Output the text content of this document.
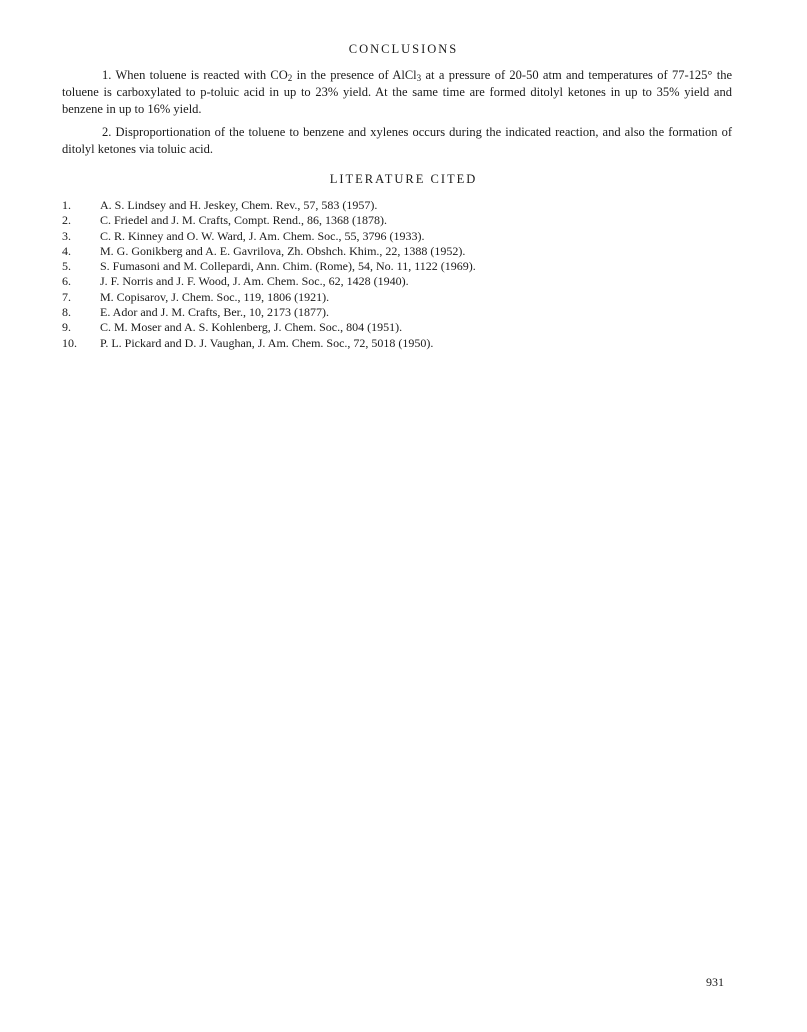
CONCLUSIONS
1. When toluene is reacted with $CO_2$ in the presence of AlCl$_3$ at a pressure of 20-50 atm and temperatures of 77-125° the toluene is carboxylated to p-toluic acid in up to 23% yield. At the same time are formed ditolyl ketones in up to 35% yield and benzene in up to 16% yield.
2. Disproportionation of the toluene to benzene and xylenes occurs during the indicated reaction, and also the formation of ditolyl ketones via toluic acid.
LITERATURE CITED
1. A. S. Lindsey and H. Jeskey, Chem. Rev., 57, 583 (1957).
2. C. Friedel and J. M. Crafts, Compt. Rend., 86, 1368 (1878).
3. C. R. Kinney and O. W. Ward, J. Am. Chem. Soc., 55, 3796 (1933).
4. M. G. Gonikberg and A. E. Gavrilova, Zh. Obshch. Khim., 22, 1388 (1952).
5. S. Fumasoni and M. Collepardi, Ann. Chim. (Rome), 54, No. 11, 1122 (1969).
6. J. F. Norris and J. F. Wood, J. Am. Chem. Soc., 62, 1428 (1940).
7. M. Copisarov, J. Chem. Soc., 119, 1806 (1921).
8. E. Ador and J. M. Crafts, Ber., 10, 2173 (1877).
9. C. M. Moser and A. S. Kohlenberg, J. Chem. Soc., 804 (1951).
10. P. L. Pickard and D. J. Vaughan, J. Am. Chem. Soc., 72, 5018 (1950).
931
